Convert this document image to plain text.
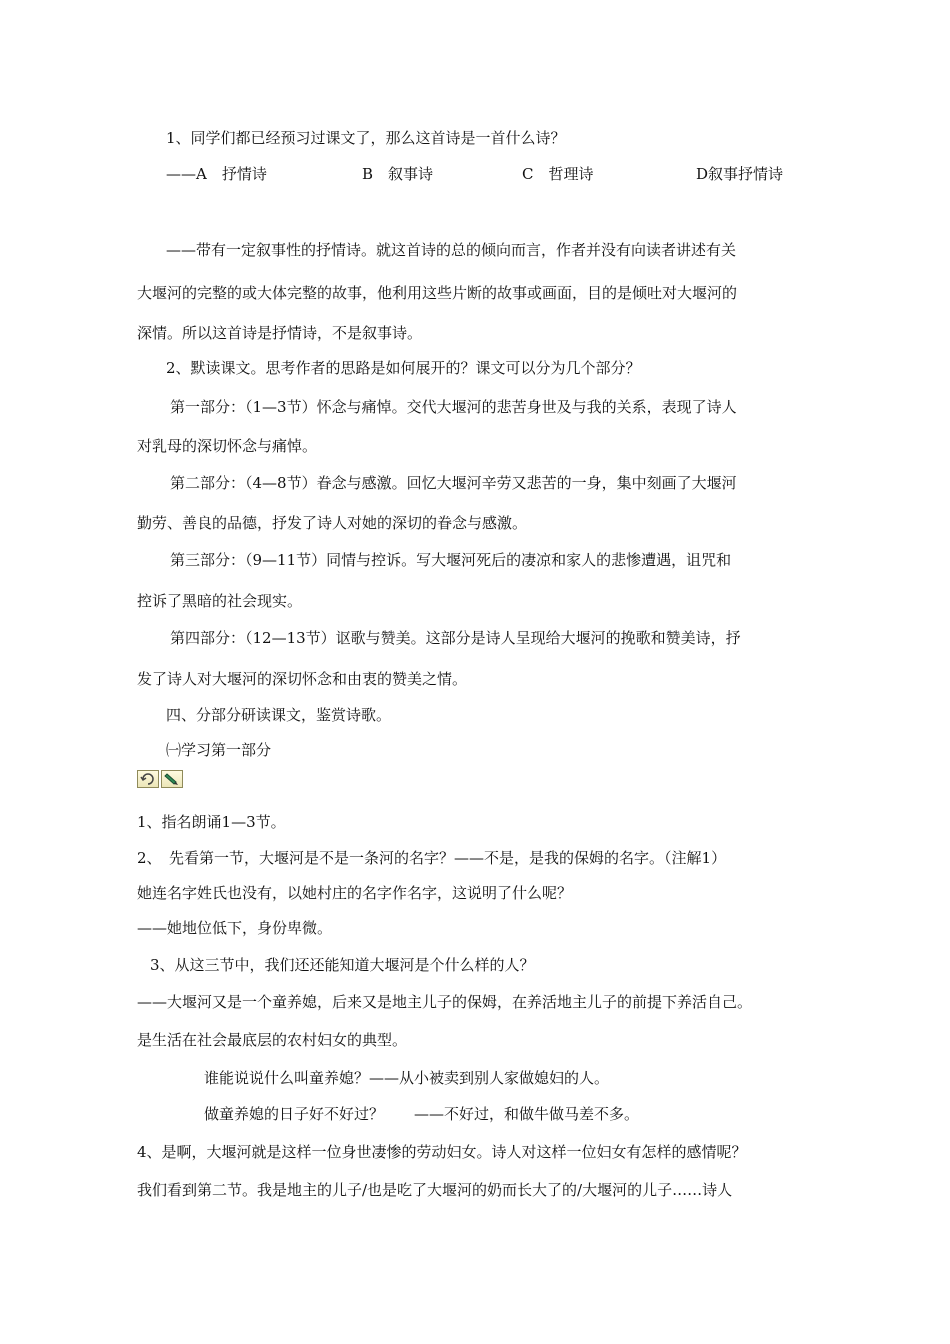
1、同学们都已经预习过课文了，那么这首诗是一首什么诗？
——A　抒情诗	B　叙事诗	C　哲理诗	D叙事抒情诗
——带有一定叙事性的抒情诗。就这首诗的总的倾向而言，作者并没有向读者讲述有关
大堰河的完整的或大体完整的故事，他利用这些片断的故事或画面，目的是倾吐对大堰河的
深情。所以这首诗是抒情诗，不是叙事诗。
2、默读课文。思考作者的思路是如何展开的？课文可以分为几个部分？
第一部分：（1—3节）怀念与痛悼。交代大堰河的悲苦身世及与我的关系，表现了诗人
对乳母的深切怀念与痛悼。
第二部分：（4—8节）眷念与感激。回忆大堰河辛劳又悲苦的一身，集中刻画了大堰河
勤劳、善良的品德，抒发了诗人对她的深切的眷念与感激。
第三部分：（9—11节）同情与控诉。写大堰河死后的凄凉和家人的悲惨遭遇，诅咒和
控诉了黑暗的社会现实。
第四部分：（12—13节）讴歌与赞美。这部分是诗人呈现给大堰河的挽歌和赞美诗，抒
发了诗人对大堰河的深切怀念和由衷的赞美之情。
四、分部分研读课文，鉴赏诗歌。
㈠学习第一部分
1、指名朗诵1—3节。
2、　先看第一节，大堰河是不是一条河的名字？——不是，是我的保姆的名字。（注解1）
她连名字姓氏也没有，以她村庄的名字作名字，这说明了什么呢？
——她地位低下，身份卑微。
3、从这三节中，我们还还能知道大堰河是个什么样的人？
——大堰河又是一个童养媳，后来又是地主儿子的保姆，在养活地主儿子的前提下养活自己。
是生活在社会最底层的农村妇女的典型。
谁能说说什么叫童养媳？——从小被卖到别人家做媳妇的人。
做童养媳的日子好不好过？　　——不好过，和做牛做马差不多。
4、是啊，大堰河就是这样一位身世凄惨的劳动妇女。诗人对这样一位妇女有怎样的感情呢？
我们看到第二节。我是地主的儿子/也是吃了大堰河的奶而长大了的/大堰河的儿子……诗人
